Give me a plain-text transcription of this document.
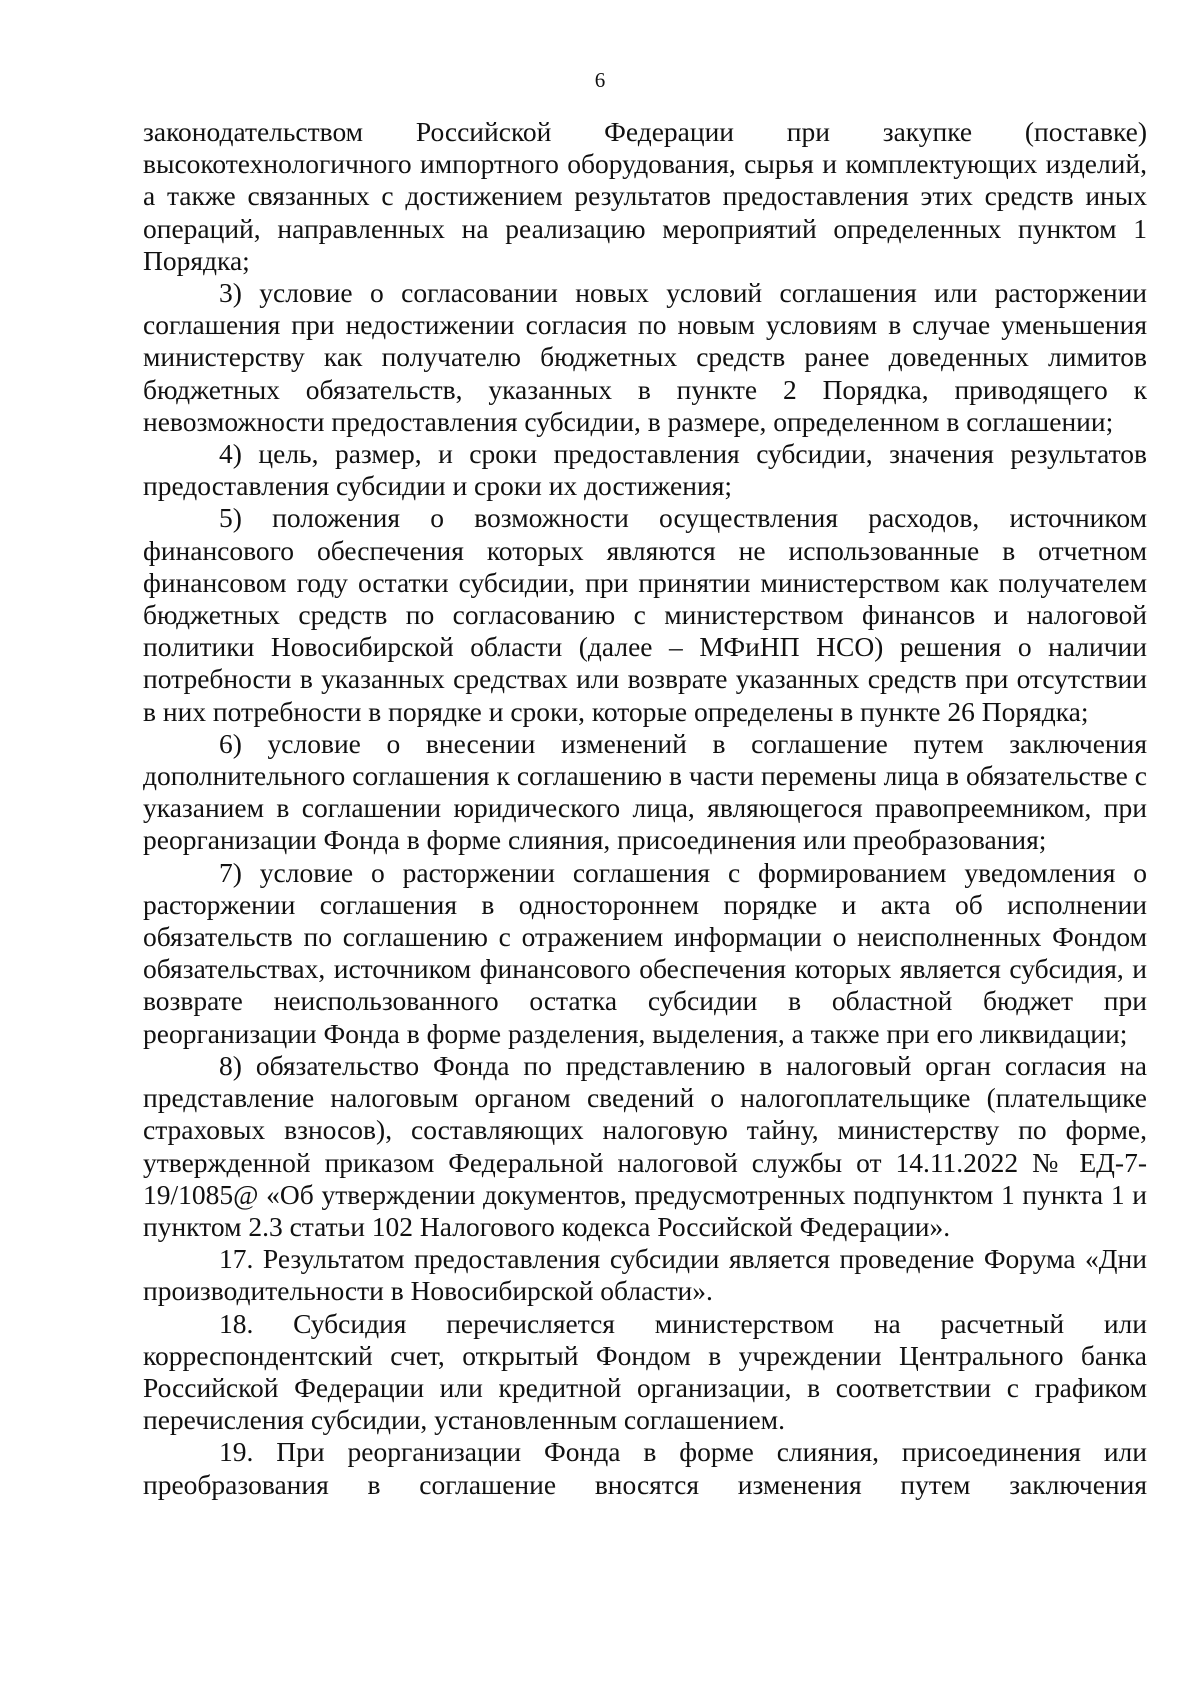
6

законодательством Российской Федерации при закупке (поставке) высокотехнологичного импортного оборудования, сырья и комплектующих изделий, а также связанных с достижением результатов предоставления этих средств иных операций, направленных на реализацию мероприятий определенных пунктом 1 Порядка;

3) условие о согласовании новых условий соглашения или расторжении соглашения при недостижении согласия по новым условиям в случае уменьшения министерству как получателю бюджетных средств ранее доведенных лимитов бюджетных обязательств, указанных в пункте 2 Порядка, приводящего к невозможности предоставления субсидии, в размере, определенном в соглашении;

4) цель, размер, и сроки предоставления субсидии, значения результатов предоставления субсидии и сроки их достижения;

5) положения о возможности осуществления расходов, источником финансового обеспечения которых являются не использованные в отчетном финансовом году остатки субсидии, при принятии министерством как получателем бюджетных средств по согласованию с министерством финансов и налоговой политики Новосибирской области (далее – МФиНП НСО) решения о наличии потребности в указанных средствах или возврате указанных средств при отсутствии в них потребности в порядке и сроки, которые определены в пункте 26 Порядка;

6) условие о внесении изменений в соглашение путем заключения дополнительного соглашения к соглашению в части перемены лица в обязательстве с указанием в соглашении юридического лица, являющегося правопреемником, при реорганизации Фонда в форме слияния, присоединения или преобразования;

7) условие о расторжении соглашения с формированием уведомления о расторжении соглашения в одностороннем порядке и акта об исполнении обязательств по соглашению с отражением информации о неисполненных Фондом обязательствах, источником финансового обеспечения которых является субсидия, и возврате неиспользованного остатка субсидии в областной бюджет при реорганизации Фонда в форме разделения, выделения, а также при его ликвидации;

8) обязательство Фонда по представлению в налоговый орган согласия на представление налоговым органом сведений о налогоплательщике (плательщике страховых взносов), составляющих налоговую тайну, министерству по форме, утвержденной приказом Федеральной налоговой службы от 14.11.2022 № ЕД-7-19/1085@ «Об утверждении документов, предусмотренных подпунктом 1 пункта 1 и пунктом 2.3 статьи 102 Налогового кодекса Российской Федерации».

17. Результатом предоставления субсидии является проведение Форума «Дни производительности в Новосибирской области».

18. Субсидия перечисляется министерством на расчетный или корреспондентский счет, открытый Фондом в учреждении Центрального банка Российской Федерации или кредитной организации, в соответствии с графиком перечисления субсидии, установленным соглашением.

19. При реорганизации Фонда в форме слияния, присоединения или преобразования в соглашение вносятся изменения путем заключения
